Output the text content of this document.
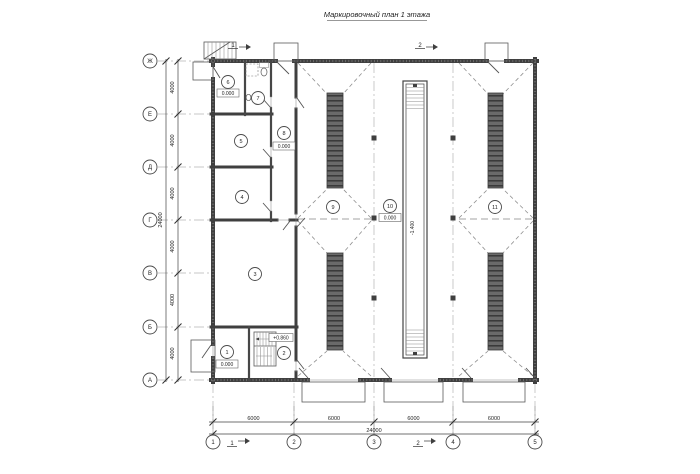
Маркировочный план 1 этажа
6000	6000	6000	6000
24000
4000
4000
4000
4000
4000
4000
24000
Ж
Е
Д
Г
В
Б
А
1	2	3	4	5
1	2
3
4
5
6
7
8
9	10	11
0.000
+0.860
0.000
0.000
0.000
-1.400
1	2
1	2
